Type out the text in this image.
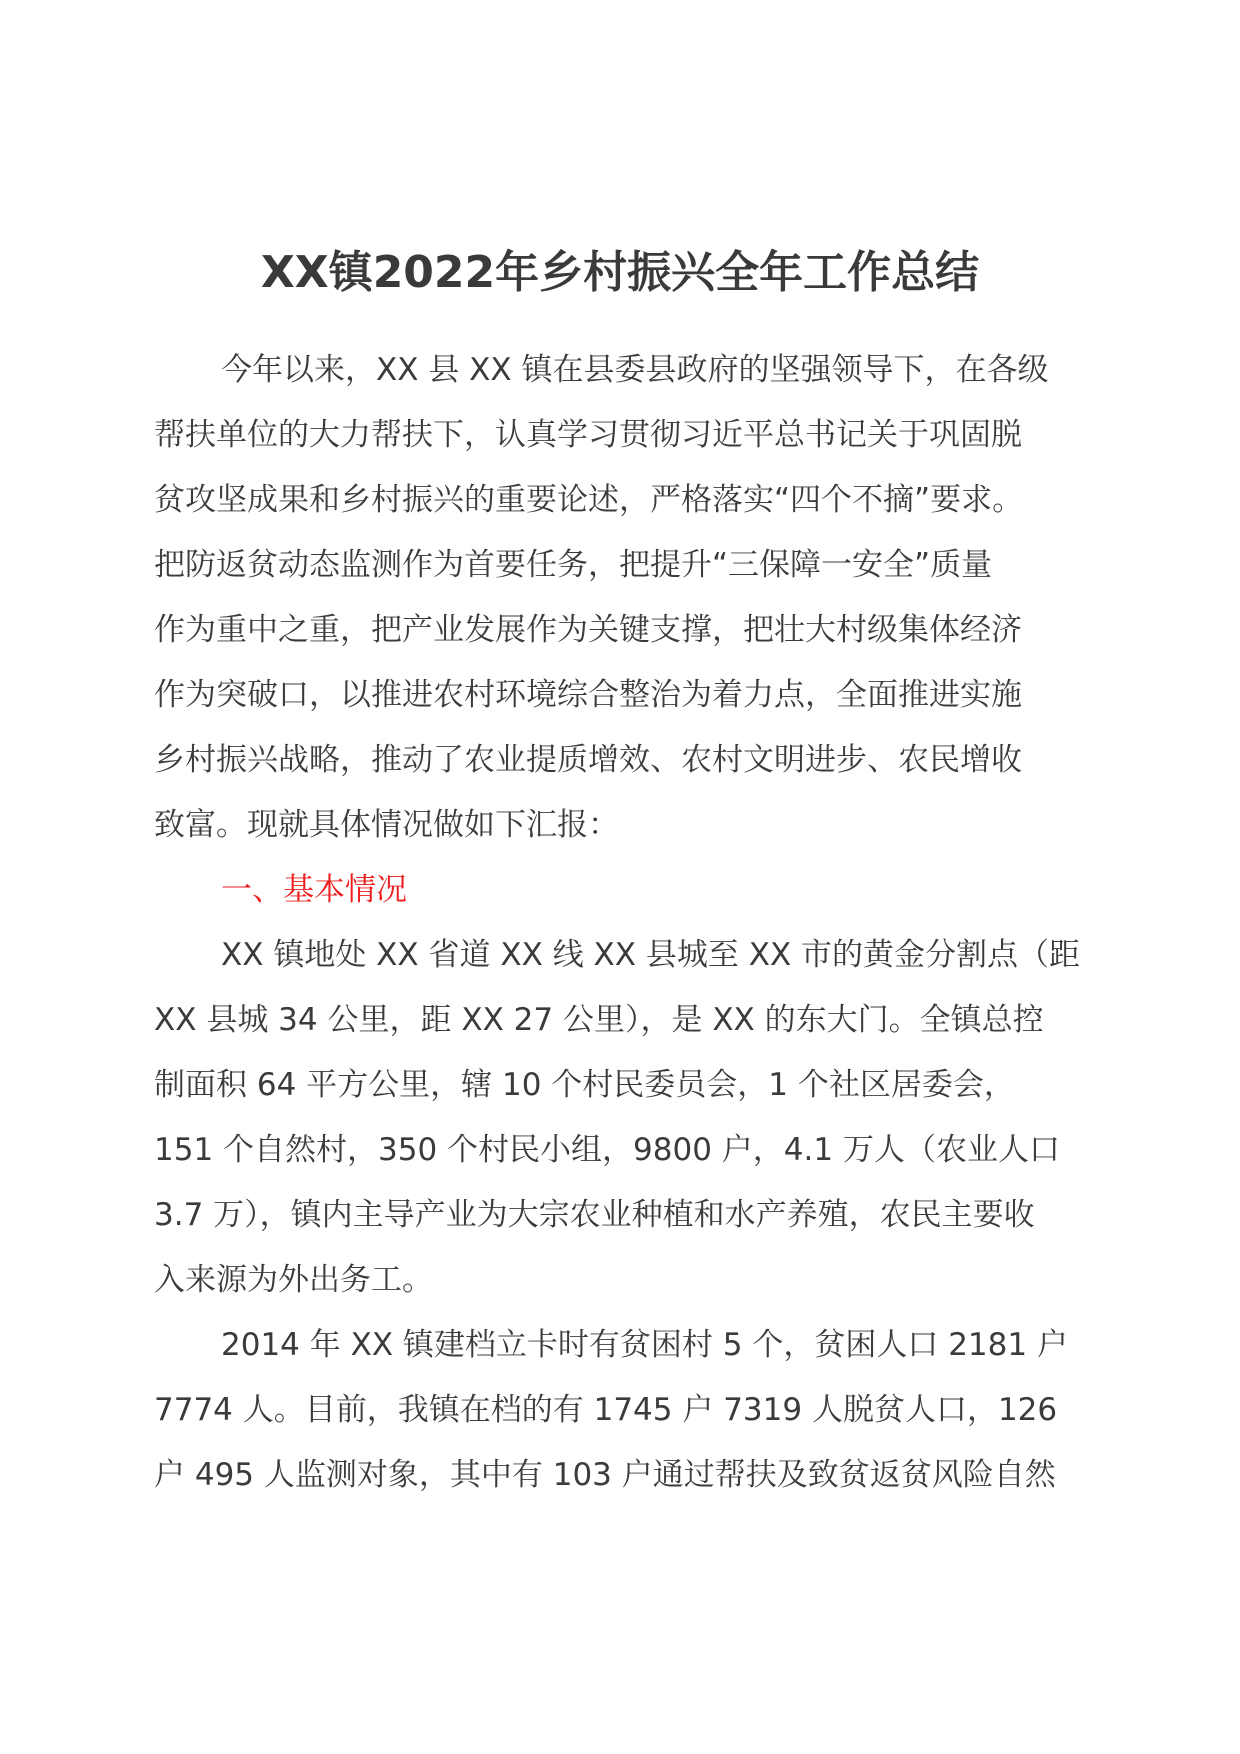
XX镇2022年乡村振兴全年工作总结

今年以来，XX 县 XX 镇在县委县政府的坚强领导下，在各级
帮扶单位的大力帮扶下，认真学习贯彻习近平总书记关于巩固脱
贫攻坚成果和乡村振兴的重要论述，严格落实“四个不摘”要求。
把防返贫动态监测作为首要任务，把提升“三保障一安全”质量
作为重中之重，把产业发展作为关键支撑，把壮大村级集体经济
作为突破口，以推进农村环境综合整治为着力点，全面推进实施
乡村振兴战略，推动了农业提质增效、农村文明进步、农民增收
致富。现就具体情况做如下汇报：

一、基本情况

XX 镇地处 XX 省道 XX 线 XX 县城至 XX 市的黄金分割点（距
XX 县城 34 公里，距 XX 27 公里），是 XX 的东大门。全镇总控
制面积 64 平方公里，辖 10 个村民委员会，1 个社区居委会，
151 个自然村，350 个村民小组，9800 户，4.1 万人（农业人口
3.7 万），镇内主导产业为大宗农业种植和水产养殖，农民主要收
入来源为外出务工。

2014 年 XX 镇建档立卡时有贫困村 5 个，贫困人口 2181 户
7774 人。目前，我镇在档的有 1745 户 7319 人脱贫人口，126
户 495 人监测对象，其中有 103 户通过帮扶及致贫返贫风险自然
